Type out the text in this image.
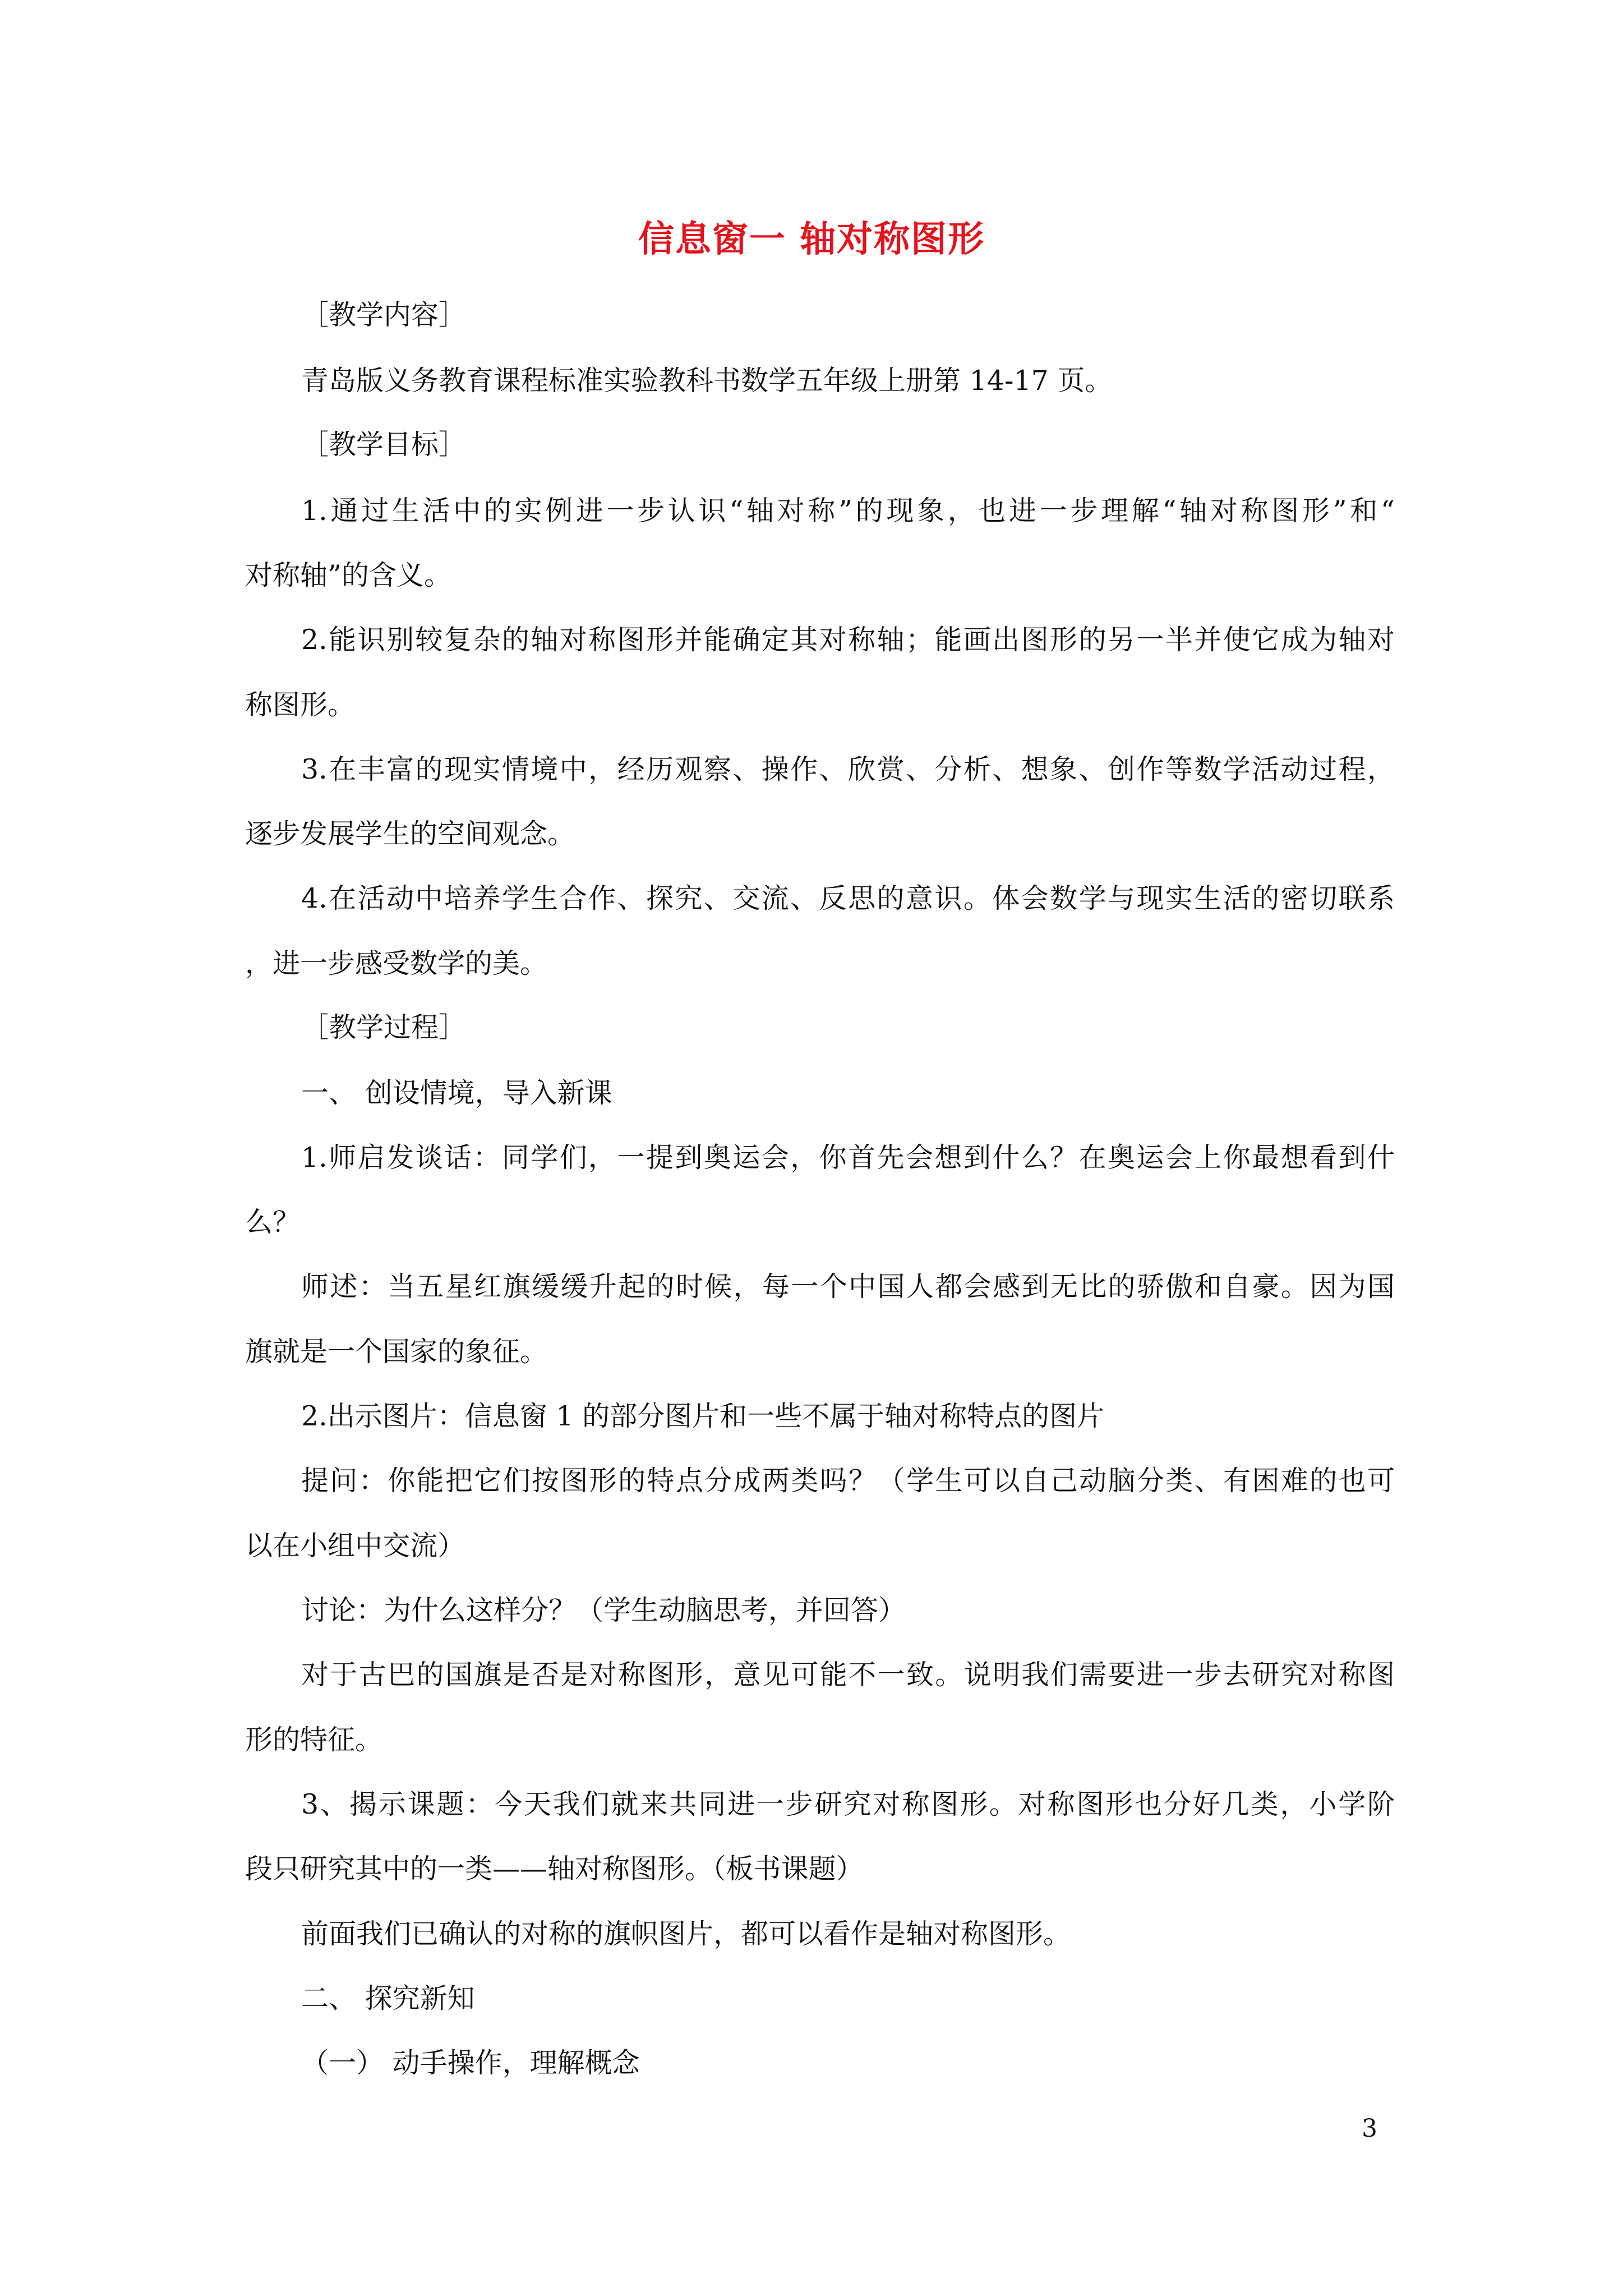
信息窗一 轴对称图形
［教学内容］
青岛版义务教育课程标准实验教科书数学五年级上册第 14-17 页。
［教学目标］
1.通过生活中的实例进一步认识“轴对称”的现象，也进一步理解“轴对称图形”和“
对称轴”的含义。
2.能识别较复杂的轴对称图形并能确定其对称轴；能画出图形的另一半并使它成为轴对
称图形。
3.在丰富的现实情境中，经历观察、操作、欣赏、分析、想象、创作等数学活动过程，
逐步发展学生的空间观念。
4.在活动中培养学生合作、探究、交流、反思的意识。体会数学与现实生活的密切联系
，进一步感受数学的美。
［教学过程］
一、 创设情境，导入新课
1.师启发谈话：同学们，一提到奥运会，你首先会想到什么？在奥运会上你最想看到什
么？
师述：当五星红旗缓缓升起的时候，每一个中国人都会感到无比的骄傲和自豪。因为国
旗就是一个国家的象征。
2.出示图片：信息窗 1 的部分图片和一些不属于轴对称特点的图片
提问：你能把它们按图形的特点分成两类吗？（学生可以自己动脑分类、有困难的也可
以在小组中交流）
讨论：为什么这样分？（学生动脑思考，并回答）
对于古巴的国旗是否是对称图形，意见可能不一致。说明我们需要进一步去研究对称图
形的特征。
3、揭示课题：今天我们就来共同进一步研究对称图形。对称图形也分好几类，小学阶
段只研究其中的一类——轴对称图形。（板书课题）
前面我们已确认的对称的旗帜图片，都可以看作是轴对称图形。
二、 探究新知
（一） 动手操作，理解概念
3
